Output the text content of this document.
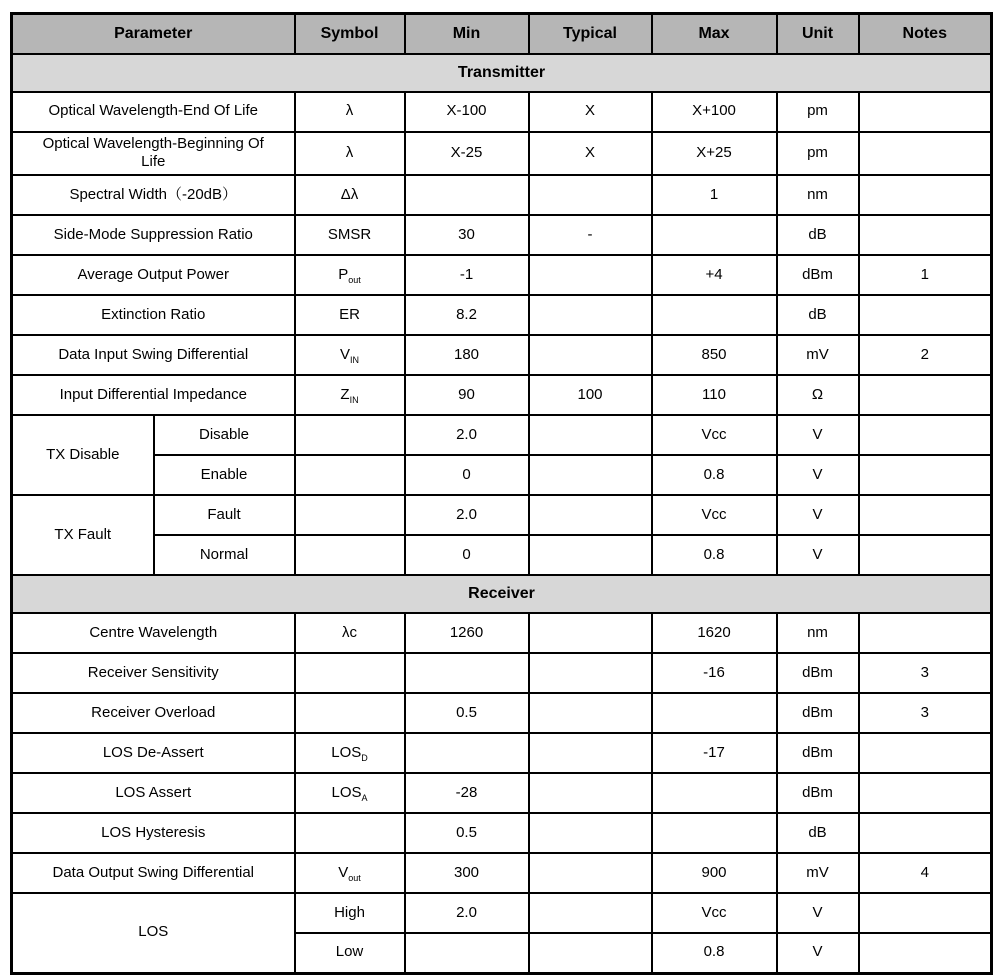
Parameter		Symbol	Min	Typical	Max	Unit	Notes
Transmitter							
Optical Wavelength-End Of Life		λ	X-100	X	X+100	pm	
Optical Wavelength-Beginning Of Life		λ	X-25	X	X+25	pm	
Spectral Width（-20dB）		Δλ			1	nm	
Side-Mode Suppression Ratio		SMSR	30	-		dB	
Average Output Power		$P_{out}$	-1		+4	dBm	1
Extinction Ratio		ER	8.2			dB	
Data Input Swing Differential		$V_{IN}$	180		850	mV	2
Input Differential Impedance		$Z_{IN}$	90	100	110	Ω	
TX Disable	Disable		2.0		Vcc	V	
	Enable		0		0.8	V	
TX Fault	Fault		2.0		Vcc	V	
	Normal		0		0.8	V	
Receiver							
Centre Wavelength		λc	1260		1620	nm	
Receiver Sensitivity					-16	dBm	3
Receiver Overload			0.5			dBm	3
LOS De-Assert		$LOS_D$			-17	dBm	
LOS Assert		$LOS_A$	-28			dBm	
LOS Hysteresis			0.5			dB	
Data Output Swing Differential		$V_{out}$	300		900	mV	4
LOS		High	2.0		Vcc	V	
		Low			0.8	V	
